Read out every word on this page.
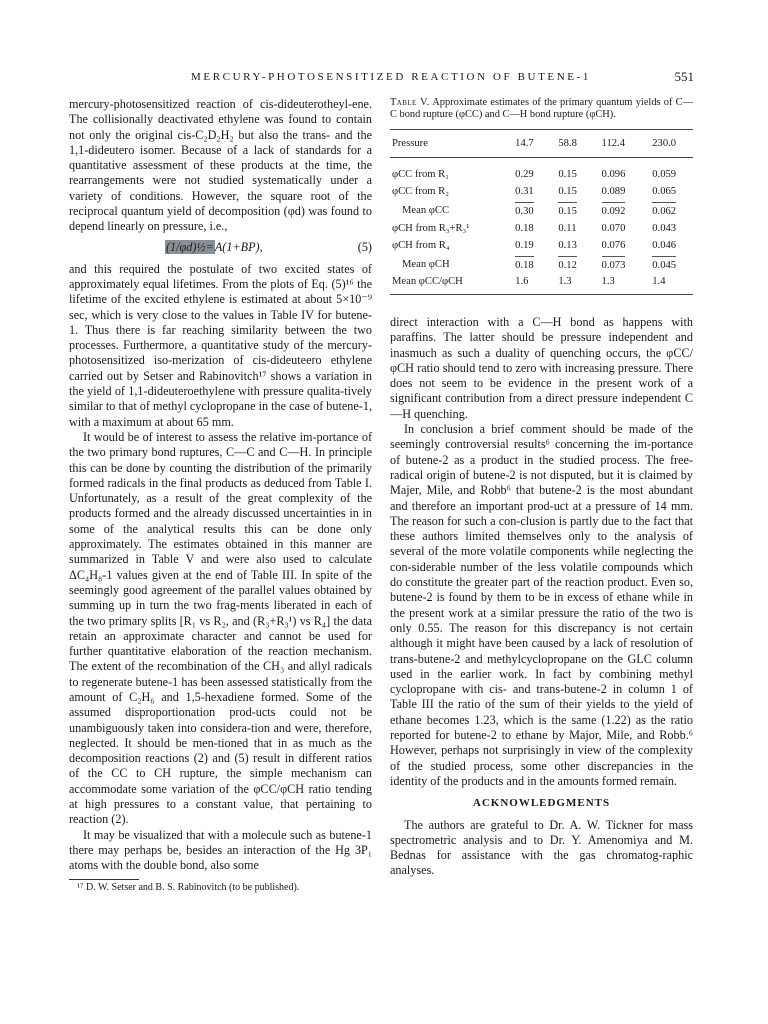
MERCURY-PHOTOSENSITIZED REACTION OF BUTENE-1	551

mercury-photosensitized reaction of cis-dideuterotheyl-ene. The collisionally deactivated ethylene was found to contain not only the original cis-C₂D₂H₂ but also the trans- and the 1,1-dideutero isomer. Because of a lack of standards for a quantitative assessment of these products at the time, the rearrangements were not studied systematically under a variety of conditions. However, the square root of the reciprocal quantum yield of decomposition (φd) was found to depend linearly on pressure, i.e.,

(1/φd)½=A(1+BP),	(5)

and this required the postulate of two excited states of approximately equal lifetimes. From the plots of Eq. (5)¹⁶ the lifetime of the excited ethylene is estimated at about 5×10⁻⁹ sec, which is very close to the values in Table IV for butene-1. Thus there is far reaching similarity between the two processes. Furthermore, a quantitative study of the mercury-photosensitized iso-merization of cis-dideuteero ethylene carried out by Setser and Rabinovitch¹⁷ shows a variation in the yield of 1,1-dideuteroethylene with pressure qualita-tively similar to that of methyl cyclopropane in the case of butene-1, with a maximum at about 65 mm.

It would be of interest to assess the relative im-portance of the two primary bond ruptures, C—C and C—H. In principle this can be done by counting the distribution of the primarily formed radicals in the final products as deduced from Table I. Unfortunately, as a result of the great complexity of the products formed and the already discussed uncertainties in in some of the analytical results this can be done only approximately. The estimates obtained in this manner are summarized in Table V and were also used to calculate ΔC₄H₈-1 values given at the end of Table III. In spite of the seemingly good agreement of the parallel values obtained by summing up in turn the two frag-ments liberated in each of the two primary splits [R₁ vs R₂, and (R₃+R₃¹) vs R₄] the data retain an approximate character and cannot be used for further quantitative elaboration of the reaction mechanism. The extent of the recombination of the CH₃ and allyl radicals to regenerate butene-1 has been assessed statistically from the amount of C₂H₆ and 1,5-hexadiene formed. Some of the assumed disproportionation prod-ucts could not be unambiguously taken into considera-tion and were, therefore, neglected. It should be men-tioned that in as much as the decomposition reactions (2) and (5) result in different ratios of the CC to CH rupture, the simple mechanism can accommodate some variation of the φCC/φCH ratio tending at high pressures to a constant value, that pertaining to reaction (2).

It may be visualized that with a molecule such as butene-1 there may perhaps be, besides an interaction of the Hg 3P₁ atoms with the double bond, also some

¹⁷ D. W. Setser and B. S. Rabinovitch (to be published).
Table V. Approximate estimates of the primary quantum yields of C—C bond rupture (φCC) and C—H bond rupture (φCH).
Pressure	14.7	58.8	112.4	230.0
φCC from R₁	0.29	0.15	0.096	0.059
φCC from R₂	0.31	0.15	0.089	0.065
Mean φCC	0.30	0.15	0.092	0.062
φCH from R₃+R₃¹	0.18	0.11	0.070	0.043
φCH from R₄	0.19	0.13	0.076	0.046
Mean φCH	0.18	0.12	0.073	0.045
Mean φCC/φCH	1.6	1.3	1.3	1.4

direct interaction with a C—H bond as happens with paraffins. The latter should be pressure independent and inasmuch as such a duality of quenching occurs, the φCC/φCH ratio should tend to zero with increasing pressure. There does not seem to be evidence in the present work of a significant contribution from a direct pressure independent C—H quenching.

In conclusion a brief comment should be made of the seemingly controversial results⁶ concerning the im-portance of butene-2 as a product in the studied process. The free-radical origin of butene-2 is not disputed, but it is claimed by Majer, Mile, and Robb⁶ that butene-2 is the most abundant and therefore an important prod-uct at a pressure of 14 mm. The reason for such a con-clusion is partly due to the fact that these authors limited themselves only to the analysis of several of the more volatile components while neglecting the con-siderable number of the less volatile compounds which do constitute the greater part of the reaction product. Even so, butene-2 is found by them to be in excess of ethane while in the present work at a similar pressure the ratio of the two is only 0.55. The reason for this discrepancy is not certain although it might have been caused by a lack of resolution of trans-butene-2 and methylcyclopropane on the GLC column used in the earlier work. In fact by combining methyl cyclopropane with cis- and trans-butene-2 in column 1 of Table III the ratio of the sum of their yields to the yield of ethane becomes 1.23, which is the same (1.22) as the ratio reported for butene-2 to ethane by Major, Mile, and Robb.⁶ However, perhaps not surprisingly in view of the complexity of the studied process, some other discrepancies in the identity of the products and in the amounts formed remain.

ACKNOWLEDGMENTS

The authors are grateful to Dr. A. W. Tickner for mass spectrometric analysis and to Dr. Y. Amenomiya and M. Bednas for assistance with the gas chromatog-raphic analyses.
